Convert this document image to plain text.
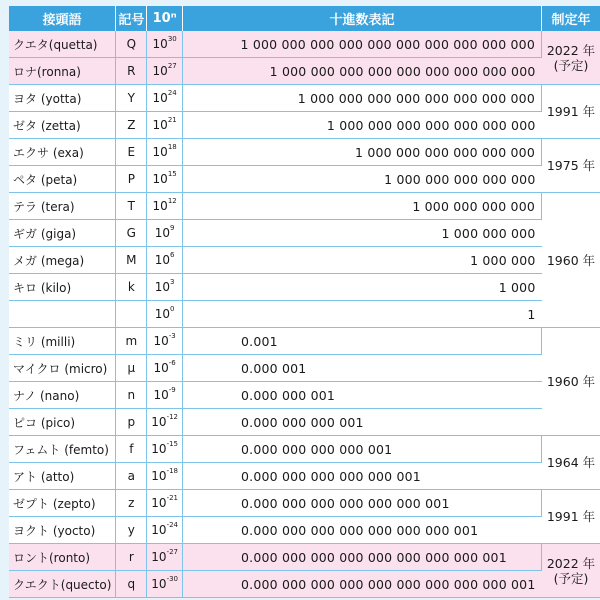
接頭語	記号	10ⁿ	十進数表記	制定年
クエタ(quetta)	Q	$10^{30}$	1 000 000 000 000 000 000 000 000 000 000	2022 年
(予定)

ロナ(ronna)	R	$10^{27}$	1 000 000 000 000 000 000 000 000 000	
ヨタ (yotta)	Y	$10^{24}$	1 000 000 000 000 000 000 000 000	1991 年

ゼタ (zetta)	Z	$10^{21}$	1 000 000 000 000 000 000 000	
エクサ (exa)	E	$10^{18}$	1 000 000 000 000 000 000	1975 年

ペタ (peta)	P	$10^{15}$	1 000 000 000 000 000	
テラ (tera)	T	$10^{12}$	1 000 000 000 000	1960 年

ギガ (giga)	G	$10^9$	1 000 000 000	
メガ (mega)	M	$10^6$	1 000 000	
キロ (kilo)	k	$10^3$	1 000	
		$10^0$	1	
ミリ (milli)	m	$10^{-3}$	0.001	1960 年

マイクロ (micro)	μ	$10^{-6}$	0.000 001	
ナノ (nano)	n	$10^{-9}$	0.000 000 001	
ピコ (pico)	p	$10^{-12}$	0.000 000 000 001	
フェムト (femto)	f	$10^{-15}$	0.000 000 000 000 001	1964 年

アト (atto)	a	$10^{-18}$	0.000 000 000 000 000 001	
ゼプト (zepto)	z	$10^{-21}$	0.000 000 000 000 000 000 001	1991 年

ヨクト (yocto)	y	$10^{-24}$	0.000 000 000 000 000 000 000 001	
ロント(ronto)	r	$10^{-27}$	0.000 000 000 000 000 000 000 000 001	2022 年
(予定)

クエクト(quecto)	q	$10^{-30}$	0.000 000 000 000 000 000 000 000 000 001	
